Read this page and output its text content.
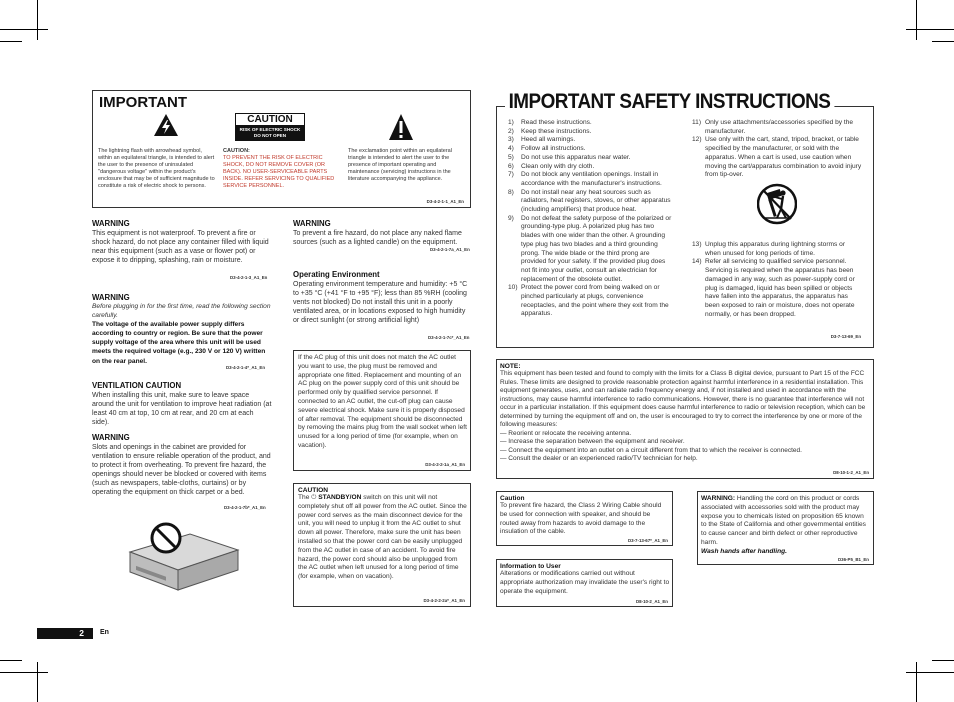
IMPORTANT
CAUTION
RISK OF ELECTRIC SHOCK
DO NOT OPEN
The lightning flash with arrowhead symbol, within an equilateral triangle, is intended to alert the user to the presence of uninsulated "dangerous voltage" within the product's enclosure that may be of sufficient magnitude to constitute a risk of electric shock to persons.
CAUTION:
TO PREVENT THE RISK OF ELECTRIC SHOCK, DO NOT REMOVE COVER (OR BACK). NO USER-SERVICEABLE PARTS INSIDE. REFER SERVICING TO QUALIFIED SERVICE PERSONNEL.
The exclamation point within an equilateral triangle is intended to alert the user to the presence of important operating and maintenance (servicing) instructions in the literature accompanying the appliance.
D3-4-2-1-1_A1_En
WARNING
This equipment is not waterproof. To prevent a fire or shock hazard, do not place any container filled with liquid near this equipment (such as a vase or flower pot) or expose it to dripping, splashing, rain or moisture.
D3-4-2-1-3_A1_En
WARNING
Before plugging in for the first time, read the following section carefully.
The voltage of the available power supply differs according to country or region. Be sure that the power supply voltage of the area where this unit will be used meets the required voltage (e.g., 230 V or 120 V) written on the rear panel.
D3-4-2-1-4*_A1_En
VENTILATION CAUTION
When installing this unit, make sure to leave space around the unit for ventilation to improve heat radiation (at least 40 cm at top, 10 cm at rear, and 20 cm at each side).
WARNING
Slots and openings in the cabinet are provided for ventilation to ensure reliable operation of the product, and to protect it from overheating. To prevent fire hazard, the openings should never be blocked or covered with items (such as newspapers, table-cloths, curtains) or by operating the equipment on thick carpet or a bed.
D3-4-2-1-7b*_A1_En
WARNING
To prevent a fire hazard, do not place any naked flame sources (such as a lighted candle) on the equipment.
D3-4-2-1-7a_A1_En
Operating Environment
Operating environment temperature and humidity: +5 °C to +35 °C (+41 °F to +95 °F); less than 85 %RH (cooling vents not blocked) Do not install this unit in a poorly ventilated area, or in locations exposed to high humidity or direct sunlight (or strong artificial light)
D3-4-2-1-7c*_A1_En
If the AC plug of this unit does not match the AC outlet you want to use, the plug must be removed and appropriate one fitted. Replacement and mounting of an AC plug on the power supply cord of this unit should be performed only by qualified service personnel. If connected to an AC outlet, the cut-off plug can cause severe electrical shock. Make sure it is properly disposed of after removal. The equipment should be disconnected by removing the mains plug from the wall socket when left unused for a long period of time (for example, when on vacation).
D3-4-2-2-1a_A1_En
CAUTION
The ⏻ STANDBY/ON switch on this unit will not completely shut off all power from the AC outlet. Since the power cord serves as the main disconnect device for the unit, you will need to unplug it from the AC outlet to shut down all power. Therefore, make sure the unit has been installed so that the power cord can be easily unplugged from the AC outlet in case of an accident. To avoid fire hazard, the power cord should also be unplugged from the AC outlet when left unused for a long period of time (for example, when on vacation).
D3-4-2-2-2a*_A1_En
IMPORTANT SAFETY INSTRUCTIONS
1)	Read these instructions.
2)	Keep these instructions.
3)	Heed all warnings.
4)	Follow all instructions.
5)	Do not use this apparatus near water.
6)	Clean only with dry cloth.
7)	Do not block any ventilation openings. Install in accordance with the manufacturer's instructions.
8)	Do not install near any heat sources such as radiators, heat registers, stoves, or other apparatus (including amplifiers) that produce heat.
9)	Do not defeat the safety purpose of the polarized or grounding-type plug. A polarized plug has two blades with one wider than the other. A grounding type plug has two blades and a third grounding prong. The wide blade or the third prong are provided for your safety. If the provided plug does not fit into your outlet, consult an electrician for replacement of the obsolete outlet.
10) Protect the power cord from being walked on or pinched particularly at plugs, convenience receptacles, and the point where they exit from the apparatus.
11) Only use attachments/accessories specified by the manufacturer.
12) Use only with the cart, stand, tripod, bracket, or table specified by the manufacturer, or sold with the apparatus. When a cart is used, use caution when moving the cart/apparatus combination to avoid injury from tip-over.
13) Unplug this apparatus during lightning storms or when unused for long periods of time.
14) Refer all servicing to qualified service personnel. Servicing is required when the apparatus has been damaged in any way, such as power-supply cord or plug is damaged, liquid has been spilled or objects have fallen into the apparatus, the apparatus has been exposed to rain or moisture, does not operate normally, or has been dropped.
D3-7-13-69_En
NOTE:
This equipment has been tested and found to comply with the limits for a Class B digital device, pursuant to Part 15 of the FCC Rules. These limits are designed to provide reasonable protection against harmful interference in a residential installation. This equipment generates, uses, and can radiate radio frequency energy and, if not installed and used in accordance with the instructions, may cause harmful interference to radio communications. However, there is no guarantee that interference will not occur in a particular installation. If this equipment does cause harmful interference to radio or television reception, which can be determined by turning the equipment off and on, the user is encouraged to try to correct the interference by one or more of the following measures:
— Reorient or relocate the receiving antenna.
— Increase the separation between the equipment and receiver.
— Connect the equipment into an outlet on a circuit different from that to which the receiver is connected.
— Consult the dealer or an experienced radio/TV technician for help.
D8-10-1-2_A1_En
Caution
To prevent fire hazard, the Class 2 Wiring Cable should be used for connection with speaker, and should be routed away from hazards to avoid damage to the insulation of the cable.
D3-7-13-67*_A1_En
Information to User
Alterations or modifications carried out without appropriate authorization may invalidate the user's right to operate the equipment.
D8-10-2_A1_En
WARNING: Handling the cord on this product or cords associated with accessories sold with the product may expose you to chemicals listed on proposition 65 known to the State of California and other governmental entities to cause cancer and birth defect or other reproductive harm.
Wash hands after handling.
D36-P5_B1_En
2 En
